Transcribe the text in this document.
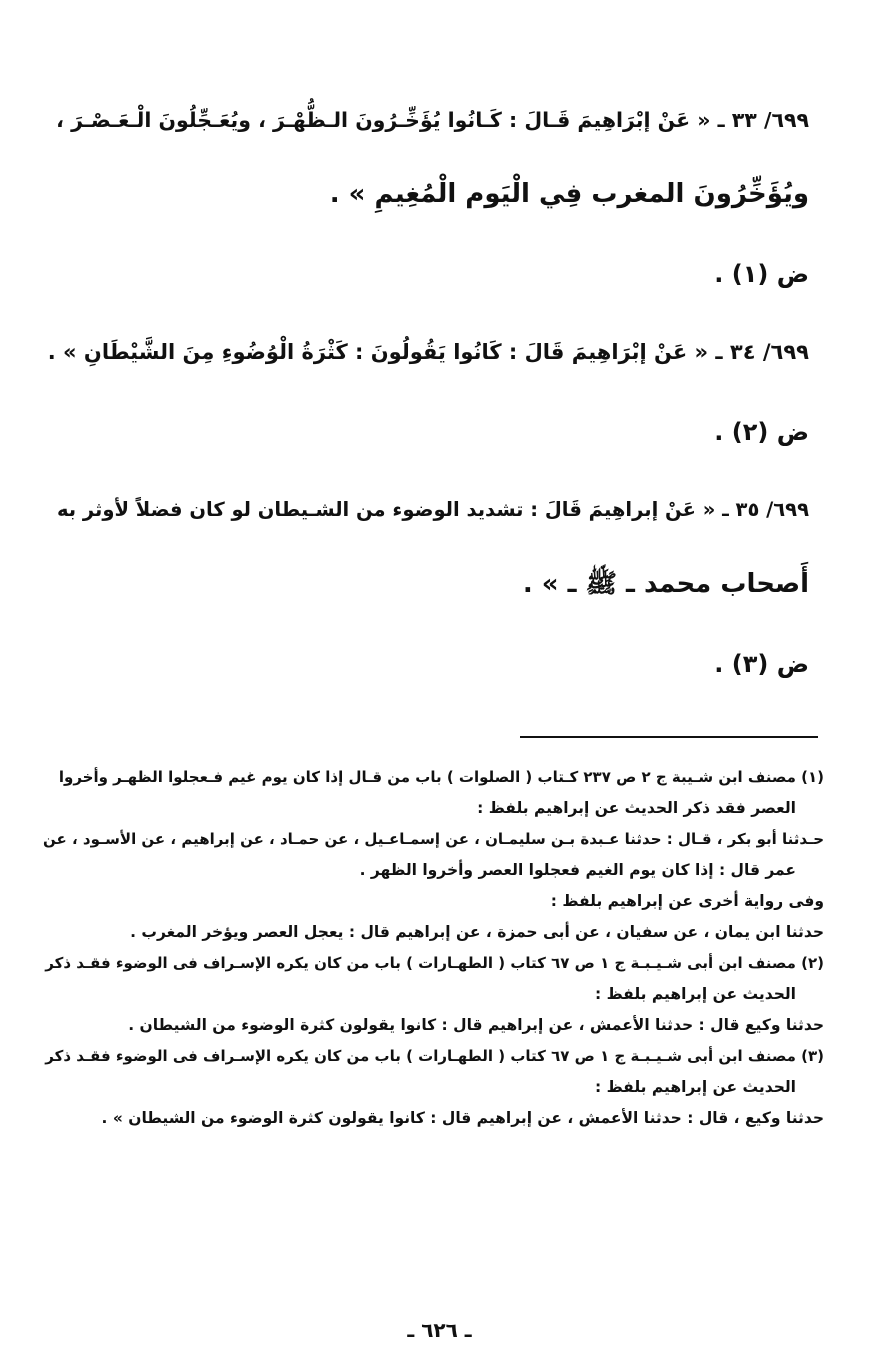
٦٩٩/ ٣٣ ـ « عَنْ إبْرَاهِيمَ قَـالَ : كَـانُوا يُؤَخِّـرُونَ الـظُّهْـرَ ، ويُعَـجِّلُونَ الْـعَـصْـرَ ،

ويُؤَخِّرُونَ المغرب فِي الْيَوم الْمُغِيمِ » .

ض (١) .

٦٩٩/ ٣٤ ـ « عَنْ إبْرَاهِيمَ قَالَ : كَانُوا يَقُولُونَ : كَثْرَةُ الْوُضُوءِ مِنَ الشَّيْطَانِ » .

ض (٢) .

٦٩٩/ ٣٥ ـ « عَنْ إبراهِيمَ قَالَ : تشديد الوضوء من الشـيطان لو كان فضلاً لأوثر به

أَصحاب محمد ـ ﷺ ـ » .

ض (٣) .

(١) مصنف ابن شـيبة ج ٢ ص ٢٣٧ كـتاب ( الصلوات ) باب من قـال إذا كان يوم غيم فـعجلوا الظهـر وأخروا

العصر فقد ذكر الحديث عن إبراهيم بلفظ :

حـدثنا أبو بكر ، قـال : حدثنا عـبدة بـن سليمـان ، عن إسمـاعـيل ، عن حمـاد ، عن إبراهيم ، عن الأسـود ، عن

عمر قال : إذا كان يوم الغيم فعجلوا العصر وأخروا الظهر .

وفى رواية أخرى عن إبراهيم بلفظ :

حدثنا ابن يمان ، عن سفيان ، عن أبى حمزة ، عن إبراهيم قال : يعجل العصر ويؤخر المغرب .

(٢) مصنف ابن أبى شـيـبـة ج ١ ص ٦٧ كتاب ( الطهـارات ) باب من كان يكره الإسـراف فى الوضوء فقـد ذكر

الحديث عن إبراهيم بلفظ :

حدثنا وكيع قال : حدثنا الأعمش ، عن إبراهيم قال : كانوا يقولون كثرة الوضوء من الشيطان .

(٣) مصنف ابن أبى شـيـبـة ج ١ ص ٦٧ كتاب ( الطهـارات ) باب من كان يكره الإسـراف فى الوضوء فقـد ذكر

الحديث عن إبراهيم بلفظ :

حدثنا وكيع ، قال : حدثنا الأعمش ، عن إبراهيم قال : كانوا يقولون كثرة الوضوء من الشيطان » .

ـ ٦٢٦ ـ
